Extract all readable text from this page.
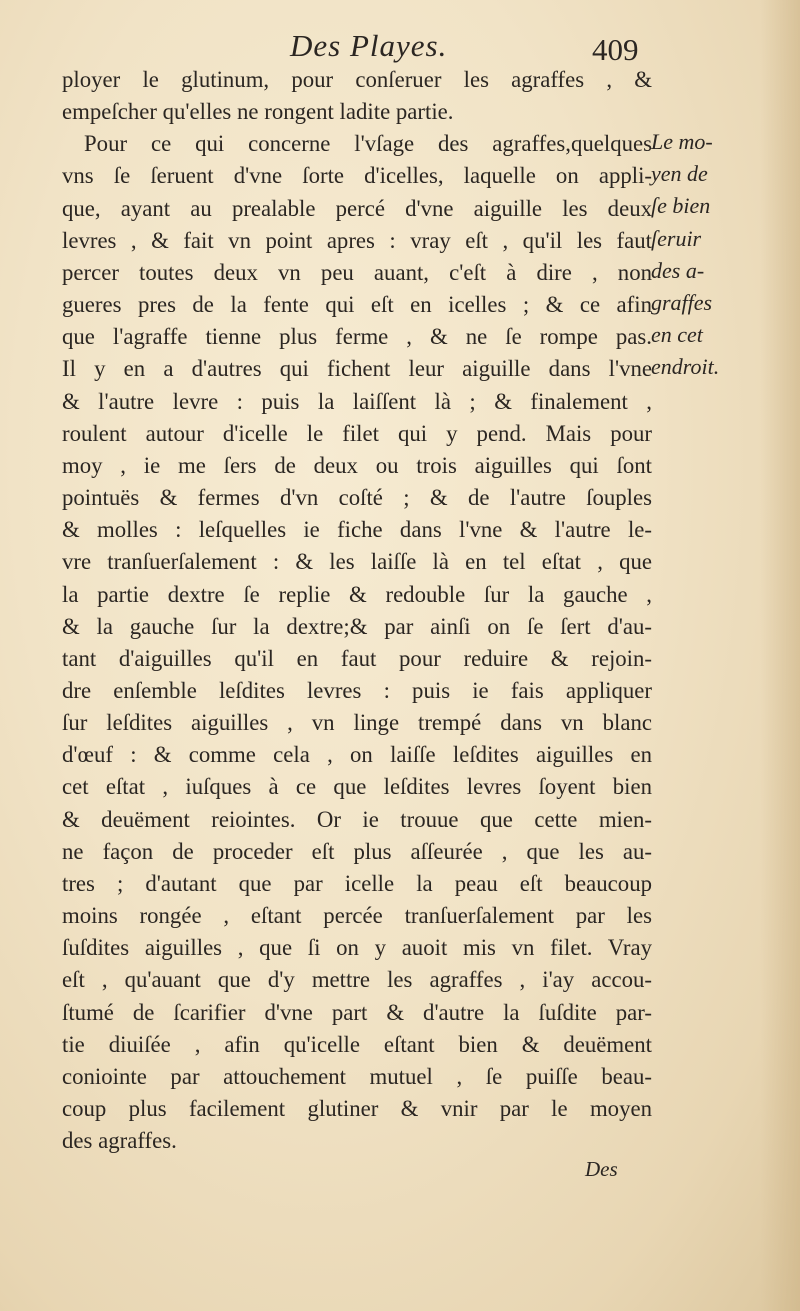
Des Playes.	409
ployer le glutinum, pour conſeruer les agraffes , &
empeſcher qu'elles ne rongent ladite partie.
Pour ce qui concerne l'vſage des agraffes,quelques
vns ſe ſeruent d'vne ſorte d'icelles, laquelle on appli-
que, ayant au prealable percé d'vne aiguille les deux
levres , & fait vn point apres : vray eſt , qu'il les faut
percer toutes deux vn peu auant, c'eſt à dire , non
gueres pres de la fente qui eſt en icelles ; & ce afin
que l'agraffe tienne plus ferme , & ne ſe rompe pas.
Il y en a d'autres qui fichent leur aiguille dans l'vne
& l'autre levre : puis la laiſſent là ; & finalement ,
roulent autour d'icelle le filet qui y pend. Mais pour
moy , ie me ſers de deux ou trois aiguilles qui ſont
pointuës & fermes d'vn coſté ; & de l'autre ſouples
& molles : leſquelles ie fiche dans l'vne & l'autre le-
vre tranſuerſalement : & les laiſſe là en tel eſtat , que
la partie dextre ſe replie & redouble ſur la gauche ,
& la gauche ſur la dextre;& par ainſi on ſe ſert d'au-
tant d'aiguilles qu'il en faut pour reduire & rejoin-
dre enſemble leſdites levres : puis ie fais appliquer
ſur leſdites aiguilles , vn linge trempé dans vn blanc
d'œuf : & comme cela , on laiſſe leſdites aiguilles en
cet eſtat , iuſques à ce que leſdites levres ſoyent bien
& deuëment reiointes. Or ie trouue que cette mien-
ne façon de proceder eſt plus aſſeurée , que les au-
tres ; d'autant que par icelle la peau eſt beaucoup
moins rongée , eſtant percée tranſuerſalement par les
ſuſdites aiguilles , que ſi on y auoit mis vn filet. Vray
eſt , qu'auant que d'y mettre les agraffes , i'ay accou-
ſtumé de ſcarifier d'vne part & d'autre la ſuſdite par-
tie diuiſée , afin qu'icelle eſtant bien & deuëment
coniointe par attouchement mutuel , ſe puiſſe beau-
coup plus facilement glutiner & vnir par le moyen
des agraffes.
Le mo-
yen de
ſe bien
ſeruir
des a-
graffes
en cet
endroit.
Des
